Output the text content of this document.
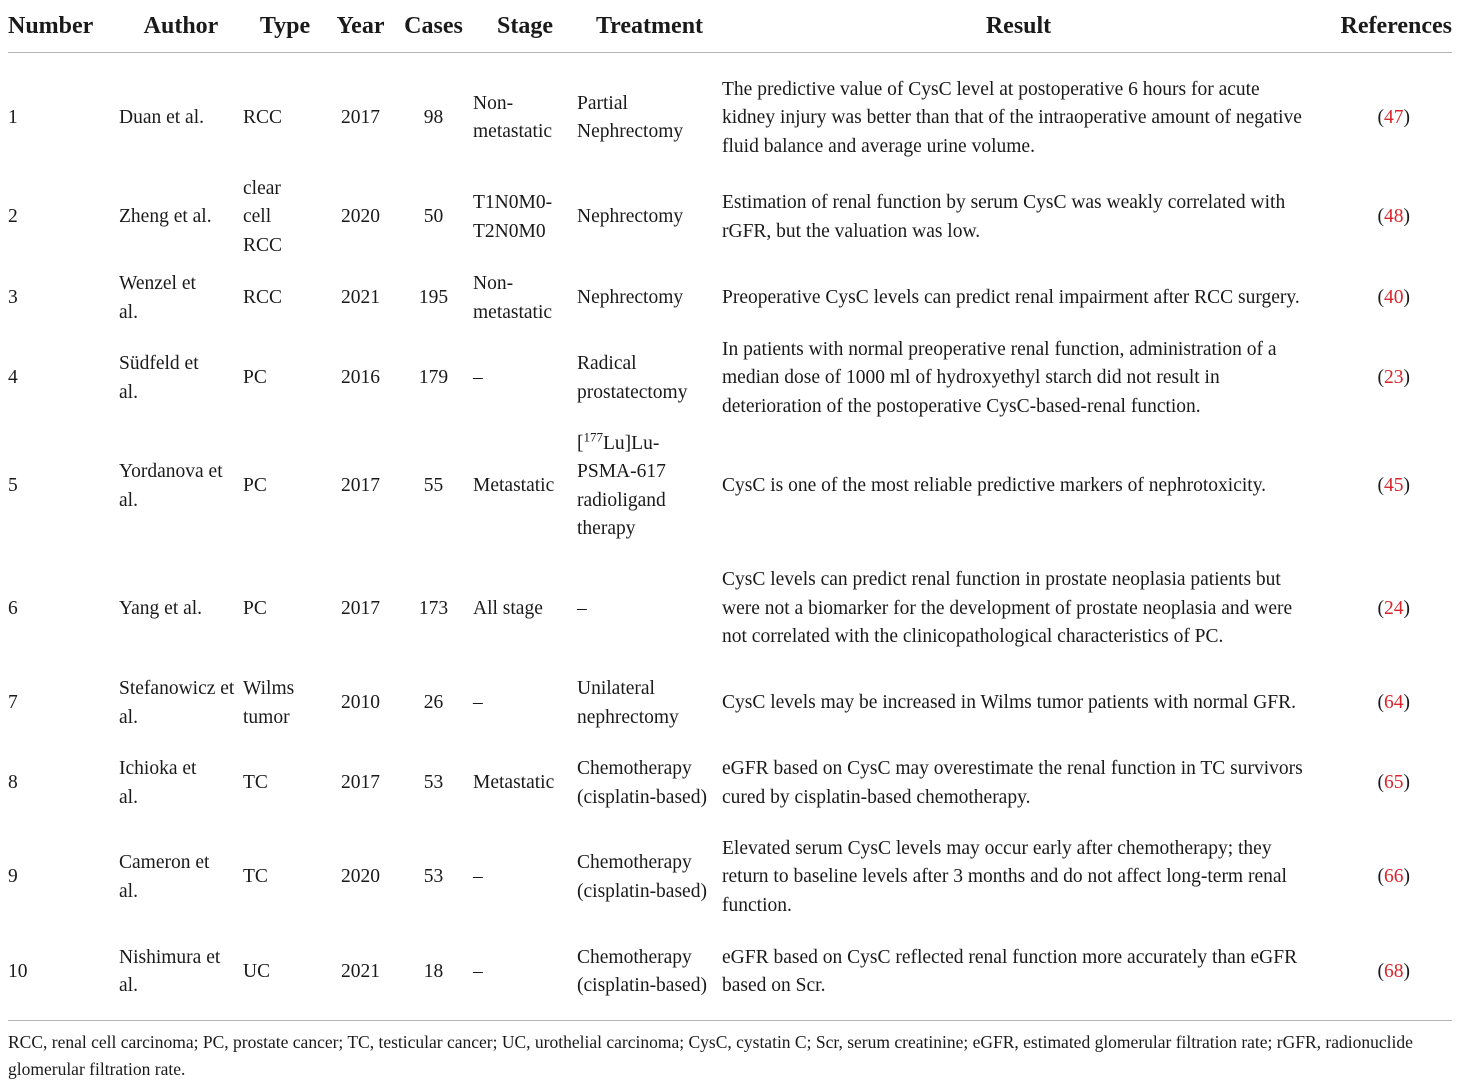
Number	Author	Type	Year	Cases	Stage	Treatment	Result	References
1	Duan et al.	RCC	2017	98	Non-metastatic	Partial Nephrectomy	The predictive value of CysC level at postoperative 6 hours for acute kidney injury was better than that of the intraoperative amount of negative fluid balance and average urine volume.	(47)
2	Zheng et al.	clear cell RCC	2020	50	T1N0M0-T2N0M0	Nephrectomy	Estimation of renal function by serum CysC was weakly correlated with rGFR, but the valuation was low.	(48)
3	Wenzel et al.	RCC	2021	195	Non-metastatic	Nephrectomy	Preoperative CysC levels can predict renal impairment after RCC surgery.	(40)
4	Südfeld et al.	PC	2016	179	–	Radical prostatectomy	In patients with normal preoperative renal function, administration of a median dose of 1000 ml of hydroxyethyl starch did not result in deterioration of the postoperative CysC-based-renal function.	(23)
5	Yordanova et al.	PC	2017	55	Metastatic	[$^{177}$Lu]Lu-PSMA-617 radioligand therapy	CysC is one of the most reliable predictive markers of nephrotoxicity.	(45)
6	Yang et al.	PC	2017	173	All stage	–	CysC levels can predict renal function in prostate neoplasia patients but were not a biomarker for the development of prostate neoplasia and were not correlated with the clinicopathological characteristics of PC.	(24)
7	Stefanowicz et al.	Wilms tumor	2010	26	–	Unilateral nephrectomy	CysC levels may be increased in Wilms tumor patients with normal GFR.	(64)
8	Ichioka et al.	TC	2017	53	Metastatic	Chemotherapy (cisplatin-based)	eGFR based on CysC may overestimate the renal function in TC survivors cured by cisplatin-based chemotherapy.	(65)
9	Cameron et al.	TC	2020	53	–	Chemotherapy (cisplatin-based)	Elevated serum CysC levels may occur early after chemotherapy; they return to baseline levels after 3 months and do not affect long-term renal function.	(66)
10	Nishimura et al.	UC	2021	18	–	Chemotherapy (cisplatin-based)	eGFR based on CysC reflected renal function more accurately than eGFR based on Scr.	(68)
RCC, renal cell carcinoma; PC, prostate cancer; TC, testicular cancer; UC, urothelial carcinoma; CysC, cystatin C; Scr, serum creatinine; eGFR, estimated glomerular filtration rate; rGFR, radionuclide glomerular filtration rate.
